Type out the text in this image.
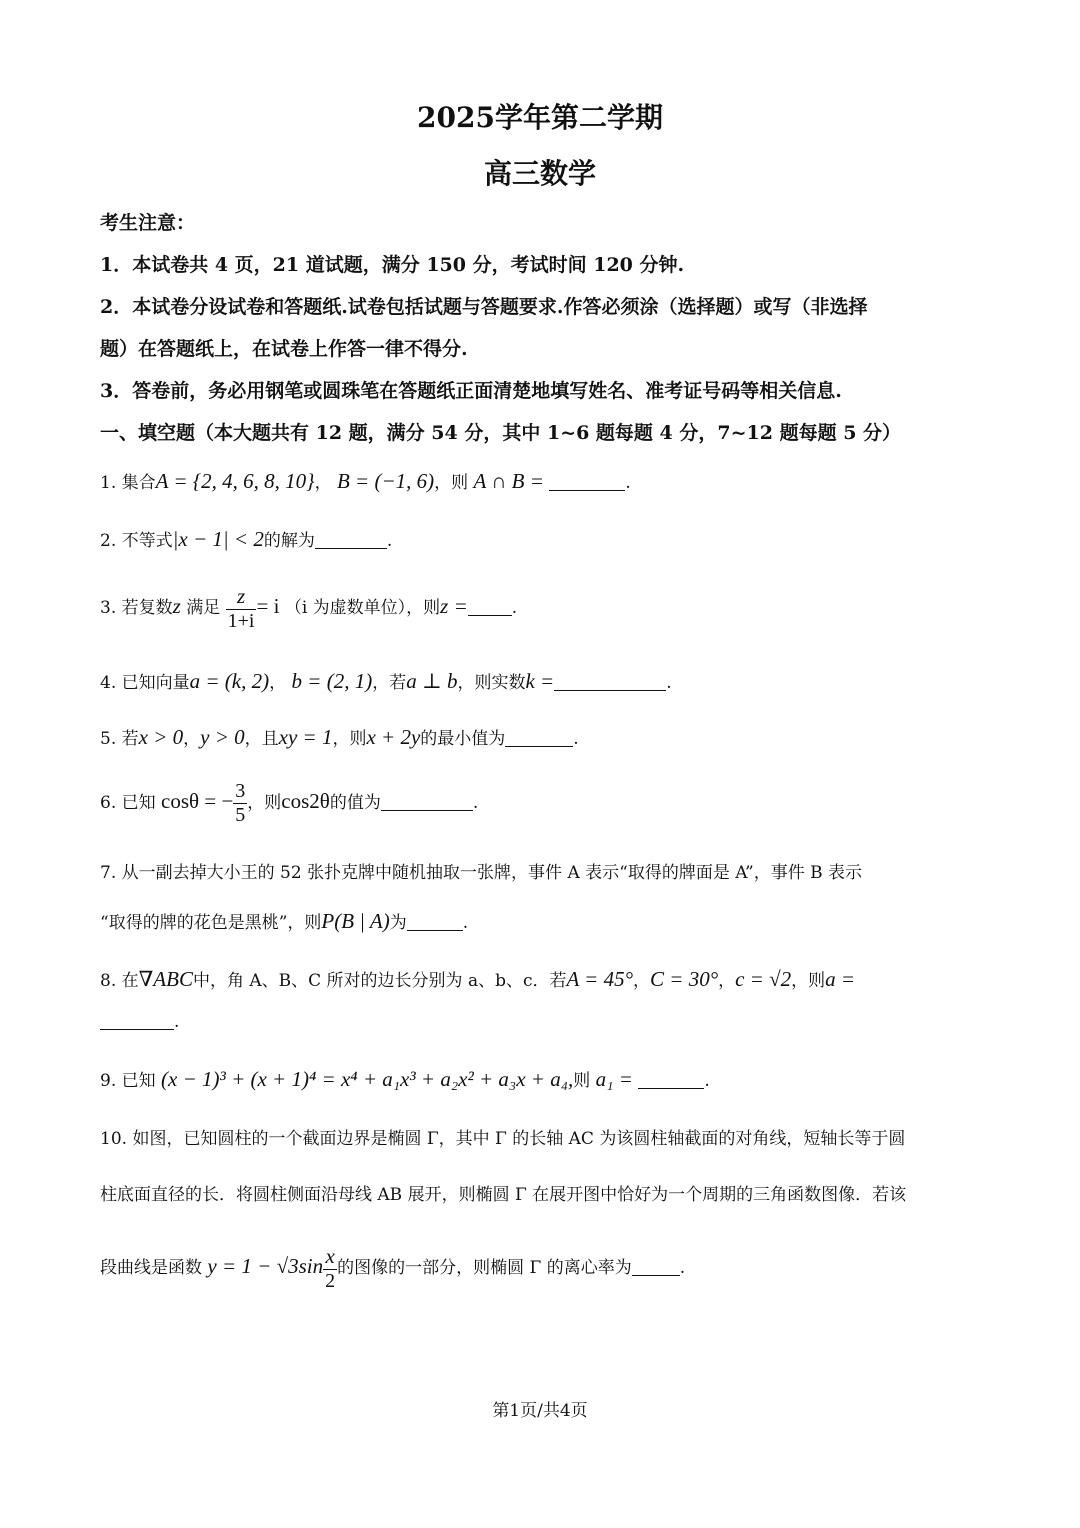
2025学年第二学期
高三数学
考生注意：
1．本试卷共 4 页，21 道试题，满分 150 分，考试时间 120 分钟.
2．本试卷分设试卷和答题纸.试卷包括试题与答题要求.作答必须涂（选择题）或写（非选择
题）在答题纸上，在试卷上作答一律不得分.
3．答卷前，务必用钢笔或圆珠笔在答题纸正面清楚地填写姓名、准考证号码等相关信息.
一、填空题（本大题共有 12 题，满分 54 分，其中 1~6 题每题 4 分，7~12 题每题 5 分）
1. 集合A = {2, 4, 6, 8, 10}， B = (−1, 6)，则 A ∩ B =	.
2. 不等式|x − 1| < 2的解为	.
3. 若复数z 满足 $\frac{z}{1+i} = i$ （i 为虚数单位），则z =	.
4. 已知向量a = (k, 2)， b = (2, 1)，若a ⊥ b，则实数k =	.
5. 若x > 0，y > 0，且xy = 1，则x + 2y的最小值为	.
6. 已知 cosθ = − $\frac{3}{5}$ ，则cos2θ的值为	.
7. 从一副去掉大小王的 52 张扑克牌中随机抽取一张牌，事件 A 表示“取得的牌面是 A”，事件 B 表示
“取得的牌的花色是黑桃”，则P(B | A)为	.
8. 在∇ABC中，角 A、B、C 所对的边长分别为 a、b、c．若A = 45°，C = 30°，c = √2，则a =
.
9. 已知 (x − 1)³ + (x + 1)⁴ = x⁴ + a₁x³ + a₂x² + a₃x + a₄,则 a₁ =	.
10. 如图，已知圆柱的一个截面边界是椭圆 Γ，其中 Γ 的长轴 AC 为该圆柱轴截面的对角线，短轴长等于圆
柱底面直径的长．将圆柱侧面沿母线 AB 展开，则椭圆 Γ 在展开图中恰好为一个周期的三角函数图像．若该
段曲线是函数 $y = 1 - √3\sin \frac{x}{2}$ 的图像的一部分，则椭圆 Γ 的离心率为	.
第1页/共4页
